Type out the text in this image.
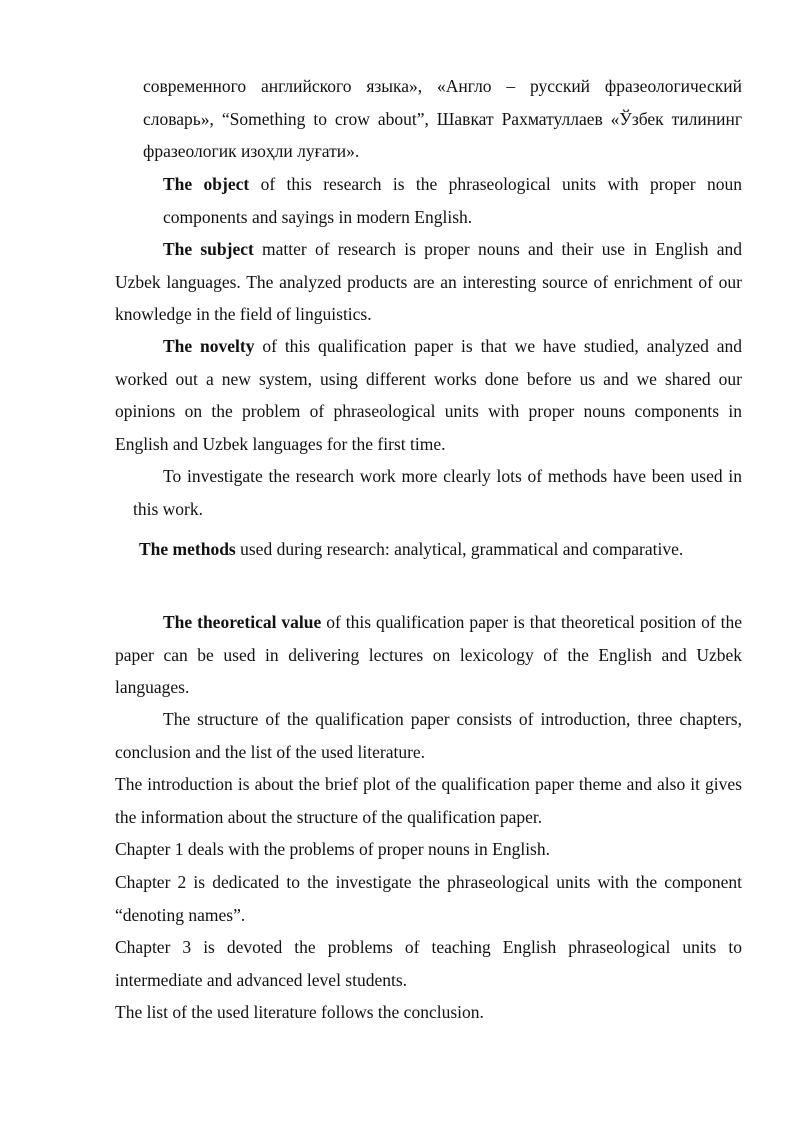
современного английского языка», «Англо – русский фразеологический словарь», “Something to crow about”, Шавкат Рахматуллаев «Ўзбек тилининг фразеологик изоҳли луғати».

The object of this research is the phraseological units with proper noun components and sayings in modern English.

The subject matter of research is proper nouns and their use in English and Uzbek languages. The analyzed products are an interesting source of enrichment of our knowledge in the field of linguistics.

The novelty of this qualification paper is that we have studied, analyzed and worked out a new system, using different works done before us and we shared our opinions on the problem of phraseological units with proper nouns components in English and Uzbek languages for the first time.

To investigate the research work more clearly lots of methods have been used in this work.

The methods used during research: analytical, grammatical and comparative.

The theoretical value of this qualification paper is that theoretical position of the paper can be used in delivering lectures on lexicology of the English and Uzbek languages.

The structure of the qualification paper consists of introduction, three chapters, conclusion and the list of the used literature.

The introduction is about the brief plot of the qualification paper theme and also it gives the information about the structure of the qualification paper.

Chapter 1 deals with the problems of proper nouns in English.

Chapter 2 is dedicated to the investigate the phraseological units with the component “denoting names”.

Chapter 3 is devoted the problems of teaching English phraseological units to intermediate and advanced level students.

The list of the used literature follows the conclusion.
